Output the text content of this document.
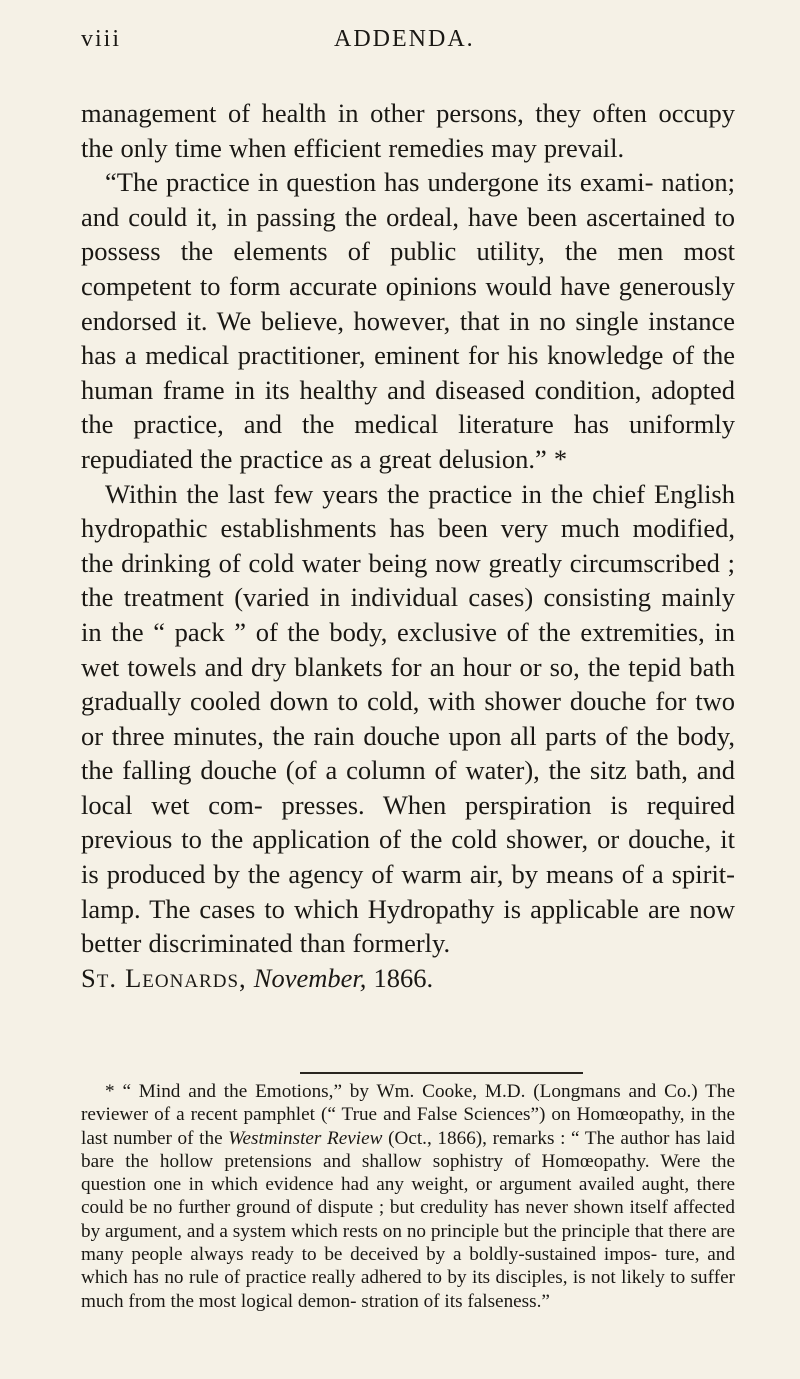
viii	ADDENDA.

management of health in other persons, they often occupy the only time when efficient remedies may prevail.

“The practice in question has undergone its exami- nation; and could it, in passing the ordeal, have been ascertained to possess the elements of public utility, the men most competent to form accurate opinions would have generously endorsed it. We believe, however, that in no single instance has a medical practitioner, eminent for his knowledge of the human frame in its healthy and diseased condition, adopted the practice, and the medical literature has uniformly repudiated the practice as a great delusion.” *

Within the last few years the practice in the chief English hydropathic establishments has been very much modified, the drinking of cold water being now greatly circumscribed ; the treatment (varied in individual cases) consisting mainly in the “ pack ” of the body, exclusive of the extremities, in wet towels and dry blankets for an hour or so, the tepid bath gradually cooled down to cold, with shower douche for two or three minutes, the rain douche upon all parts of the body, the falling douche (of a column of water), the sitz bath, and local wet com- presses. When perspiration is required previous to the application of the cold shower, or douche, it is produced by the agency of warm air, by means of a spirit-lamp. The cases to which Hydropathy is applicable are now better discriminated than formerly.

St. Leonards, November, 1866.

* “ Mind and the Emotions,” by Wm. Cooke, M.D. (Longmans and Co.) The reviewer of a recent pamphlet (“ True and False Sciences”) on Homœopathy, in the last number of the Westminster Review (Oct., 1866), remarks : “ The author has laid bare the hollow pretensions and shallow sophistry of Homœopathy. Were the question one in which evidence had any weight, or argument availed aught, there could be no further ground of dispute ; but credulity has never shown itself affected by argument, and a system which rests on no principle but the principle that there are many people always ready to be deceived by a boldly-sustained impos- ture, and which has no rule of practice really adhered to by its disciples, is not likely to suffer much from the most logical demon- stration of its falseness.”
